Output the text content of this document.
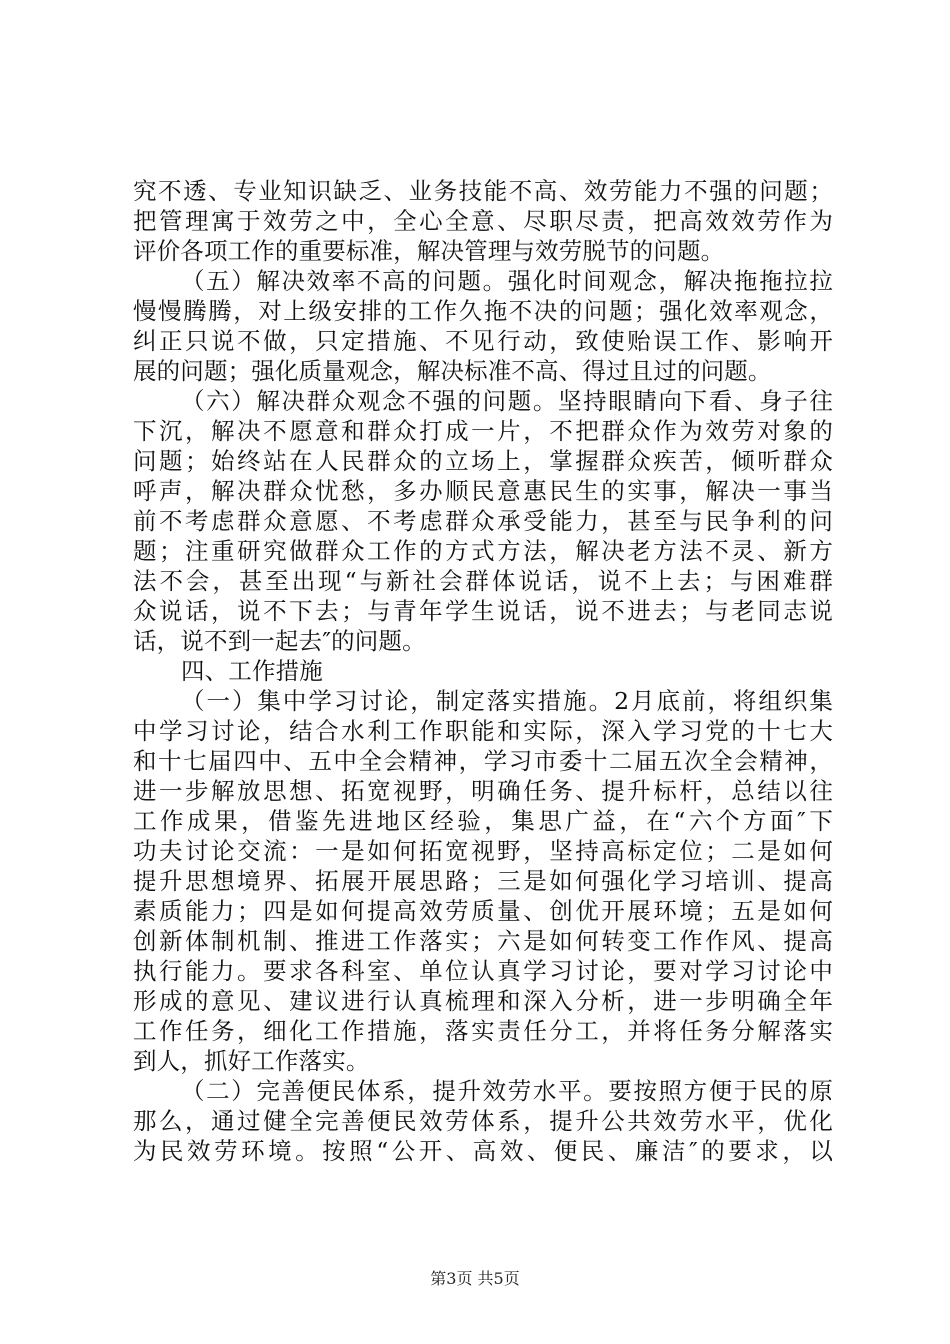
究不透、专业知识缺乏、业务技能不高、效劳能力不强的问题；
把管理寓于效劳之中，全心全意、尽职尽责，把高效效劳作为
评价各项工作的重要标准，解决管理与效劳脱节的问题。
（五）解决效率不高的问题。强化时间观念，解决拖拖拉拉
慢慢腾腾，对上级安排的工作久拖不决的问题；强化效率观念，
纠正只说不做，只定措施、不见行动，致使贻误工作、影响开
展的问题；强化质量观念，解决标准不高、得过且过的问题。
（六）解决群众观念不强的问题。坚持眼睛向下看、身子往
下沉，解决不愿意和群众打成一片，不把群众作为效劳对象的
问题；始终站在人民群众的立场上，掌握群众疾苦，倾听群众
呼声，解决群众忧愁，多办顺民意惠民生的实事，解决一事当
前不考虑群众意愿、不考虑群众承受能力，甚至与民争利的问
题；注重研究做群众工作的方式方法，解决老方法不灵、新方
法不会，甚至出现“与新社会群体说话，说不上去；与困难群
众说话，说不下去；与青年学生说话，说不进去；与老同志说
话，说不到一起去″的问题。
四、工作措施
（一）集中学习讨论，制定落实措施。2月底前，将组织集
中学习讨论，结合水利工作职能和实际，深入学习党的十七大
和十七届四中、五中全会精神，学习市委十二届五次全会精神，
进一步解放思想、拓宽视野，明确任务、提升标杆，总结以往
工作成果，借鉴先进地区经验，集思广益，在“六个方面″下
功夫讨论交流：一是如何拓宽视野，坚持高标定位；二是如何
提升思想境界、拓展开展思路；三是如何强化学习培训、提高
素质能力；四是如何提高效劳质量、创优开展环境；五是如何
创新体制机制、推进工作落实；六是如何转变工作作风、提高
执行能力。要求各科室、单位认真学习讨论，要对学习讨论中
形成的意见、建议进行认真梳理和深入分析，进一步明确全年
工作任务，细化工作措施，落实责任分工，并将任务分解落实
到人，抓好工作落实。
（二）完善便民体系，提升效劳水平。要按照方便于民的原
那么，通过健全完善便民效劳体系，提升公共效劳水平，优化
为民效劳环境。按照“公开、高效、便民、廉洁″的要求，以
第3页 共5页
